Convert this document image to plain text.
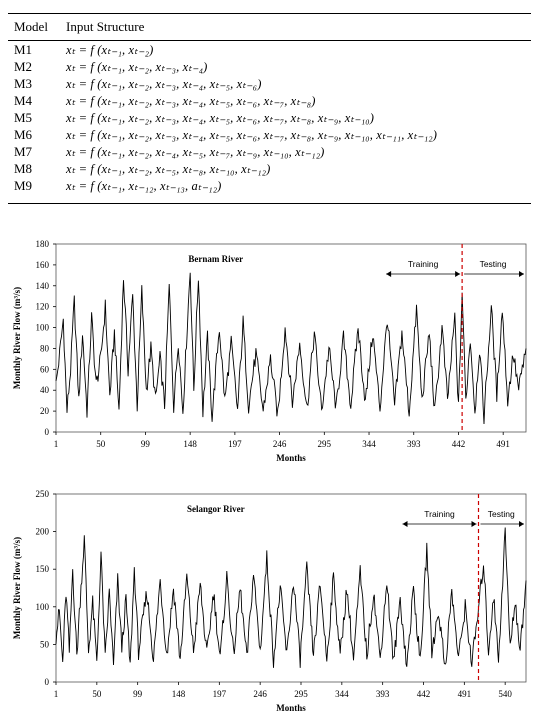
Model Input Structure
M1	xₜ = f (xₜ₋₁, xₜ₋₂)
M2	xₜ = f (xₜ₋₁, xₜ₋₂, xₜ₋₃, xₜ₋₄)
M3	xₜ = f (xₜ₋₁, xₜ₋₂, xₜ₋₃, xₜ₋₄, xₜ₋₅, xₜ₋₆)
M4	xₜ = f (xₜ₋₁, xₜ₋₂, xₜ₋₃, xₜ₋₄, xₜ₋₅, xₜ₋₆, xₜ₋₇, xₜ₋₈)
M5	xₜ = f (xₜ₋₁, xₜ₋₂, xₜ₋₃, xₜ₋₄, xₜ₋₅, xₜ₋₆, xₜ₋₇, xₜ₋₈, xₜ₋₉, xₜ₋₁₀)
M6	xₜ = f (xₜ₋₁, xₜ₋₂, xₜ₋₃, xₜ₋₄, xₜ₋₅, xₜ₋₆, xₜ₋₇, xₜ₋₈, xₜ₋₉, xₜ₋₁₀, xₜ₋₁₁, xₜ₋₁₂)
M7	xₜ = f (xₜ₋₁, xₜ₋₂, xₜ₋₄, xₜ₋₅, xₜ₋₇, xₜ₋₉, xₜ₋₁₀, xₜ₋₁₂)
M8	xₜ = f (xₜ₋₁, xₜ₋₂, xₜ₋₅, xₜ₋₈, xₜ₋₁₀, xₜ₋₁₂)
M9	xₜ = f (xₜ₋₁, xₜ₋₁₂, xₜ₋₁₃, aₜ₋₁₂)
0
20
40
60
80
100
120
140
160
180
1	50	99	148	197	246	295	344	393	442	491
Months
Monthly River Flow (m³/s)
Bernam River	Training	Testing
0
50
100
150
200
250
1	50	99	148	197	246	295	344	393	442	491	540
Months
Monthly River Flow (m³/s)
Selangor River	Training	Testing
